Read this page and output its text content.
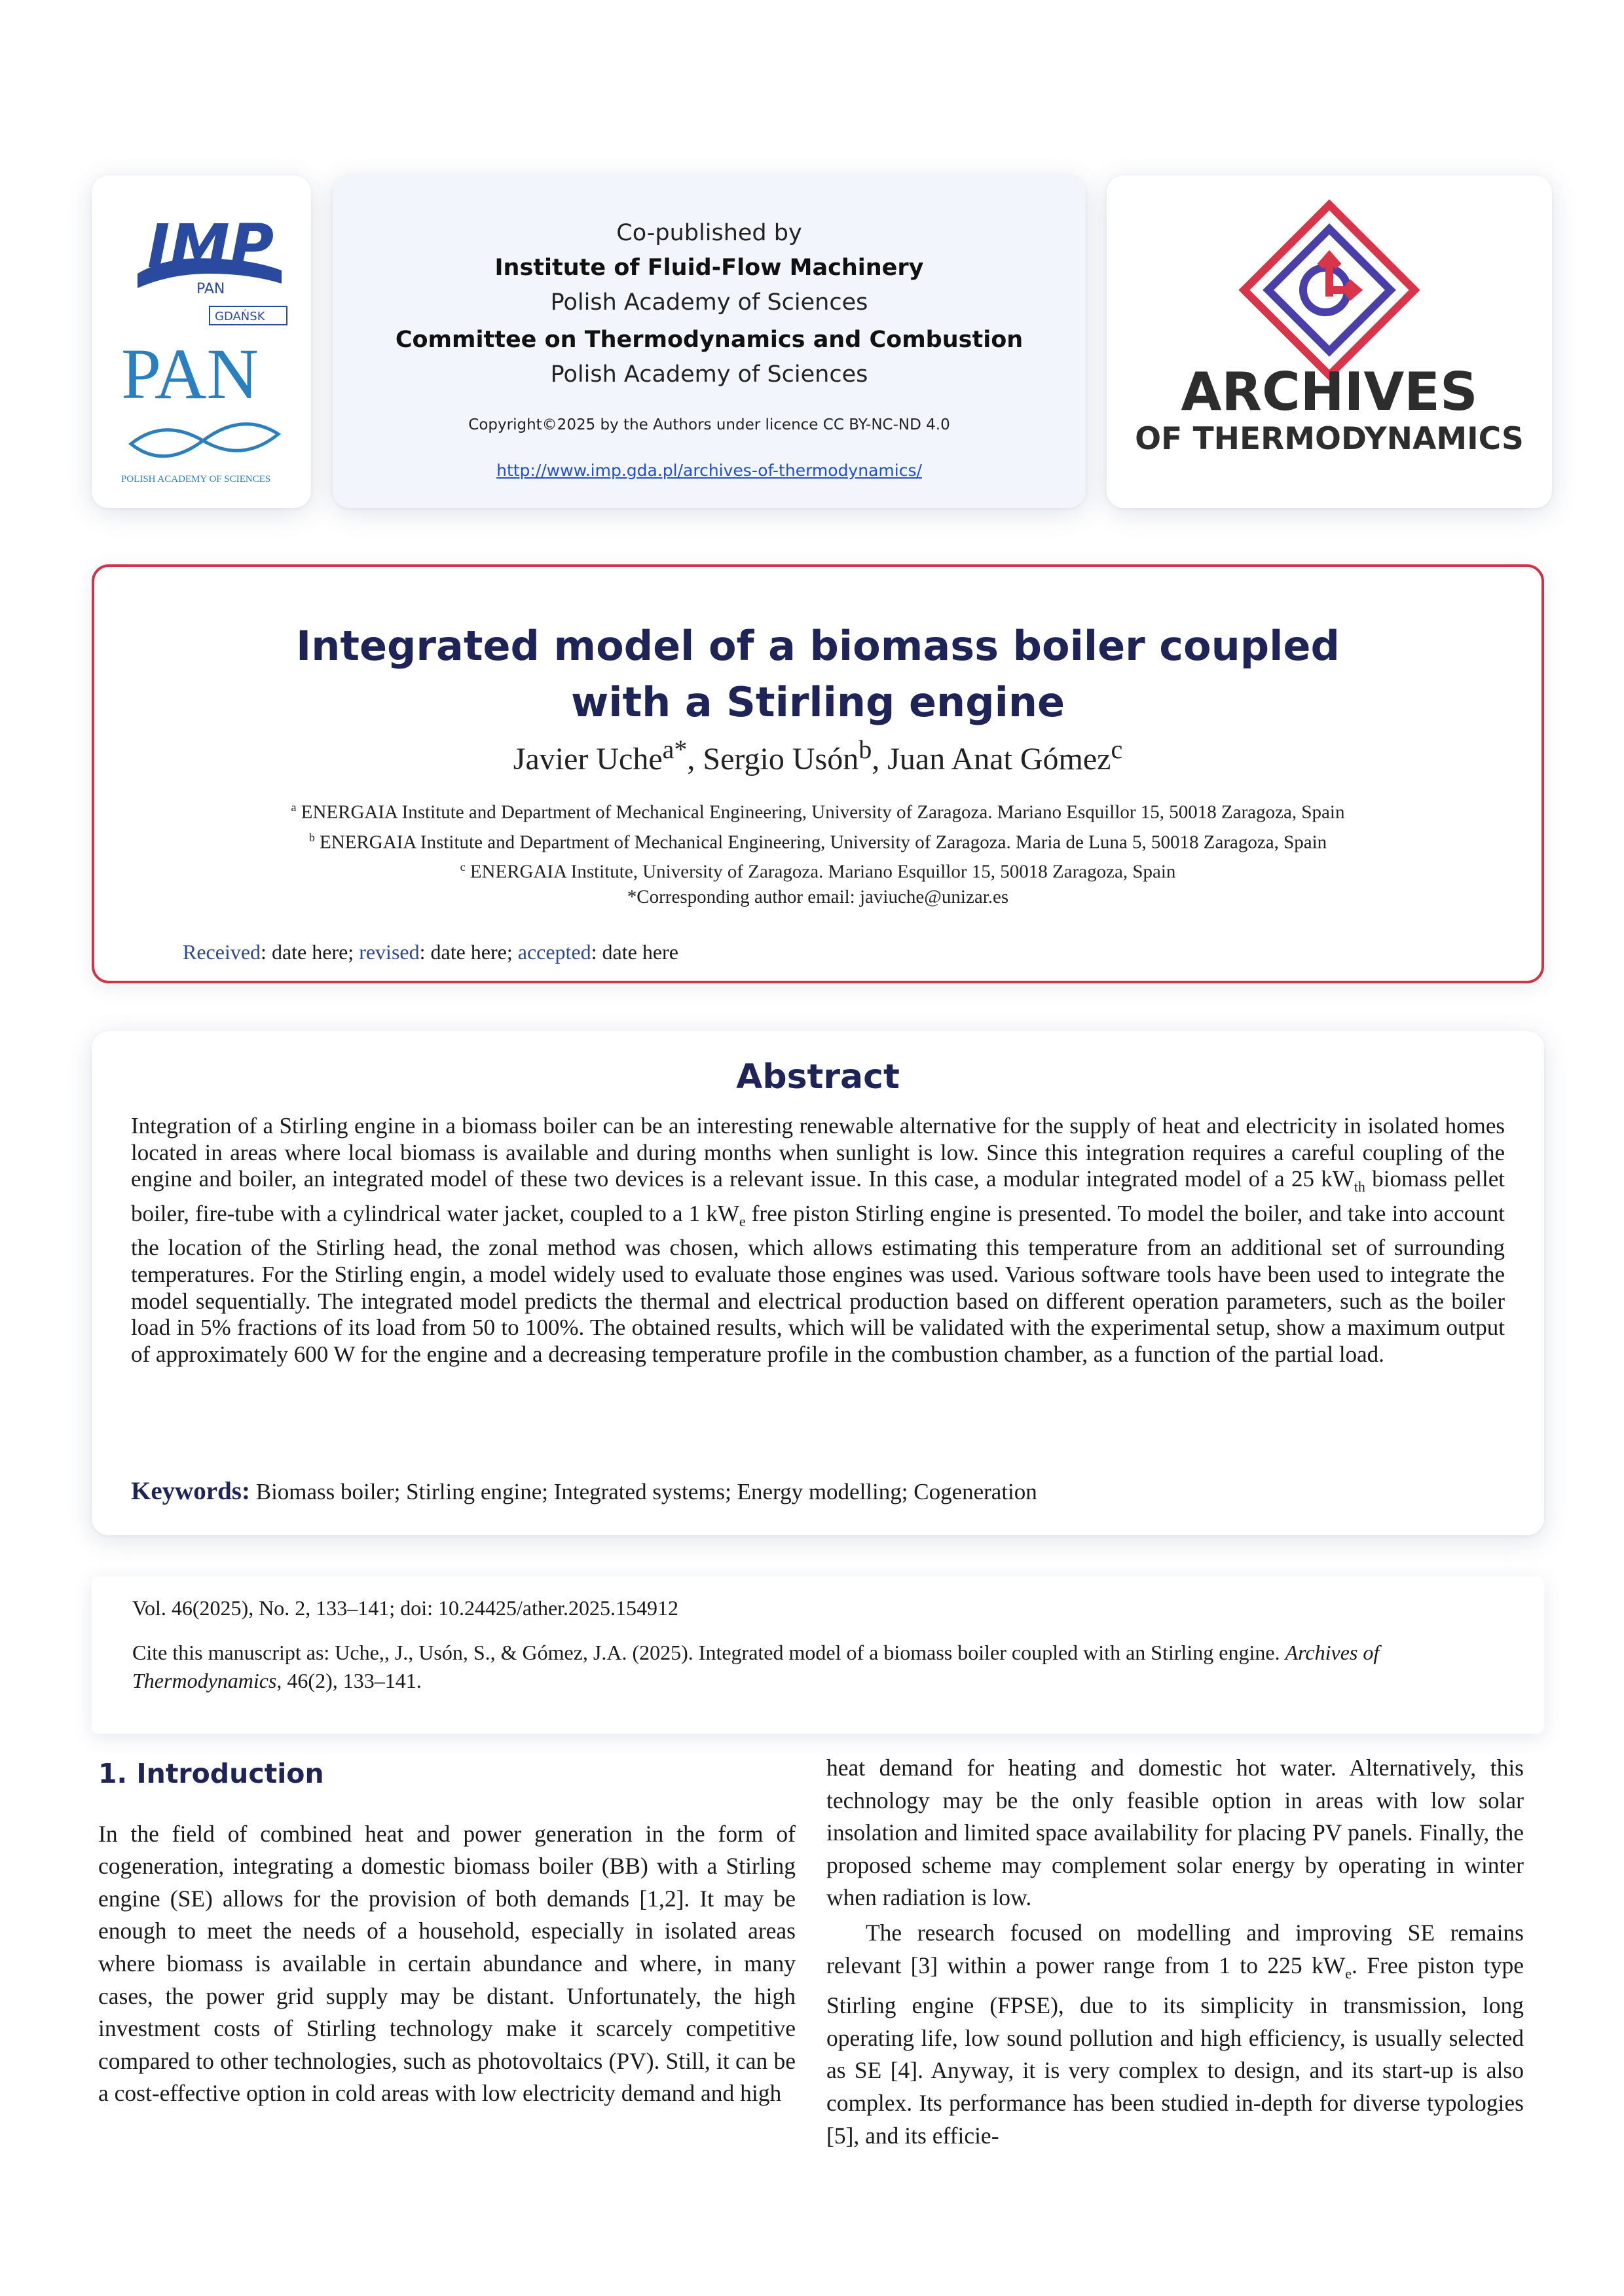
IMP
PAN
GDAŃSK
PAN
POLISH ACADEMY OF SCIENCES
Co-published by
Institute of Fluid-Flow Machinery
Polish Academy of Sciences
Committee on Thermodynamics and Combustion
Polish Academy of Sciences
Copyright©2025 by the Authors under licence CC BY-NC-ND 4.0
http://www.imp.gda.pl/archives-of-thermodynamics/
ARCHIVES
OF THERMODYNAMICS
Integrated model of a biomass boiler coupled
with a Stirling engine
Javier Uche$^{a*}$, Sergio Usón$^b$, Juan Anat Gómez$^c$
$^a$ ENERGAIA Institute and Department of Mechanical Engineering, University of Zaragoza. Mariano Esquillor 15, 50018 Zaragoza, Spain
$^b$ ENERGAIA Institute and Department of Mechanical Engineering, University of Zaragoza. Maria de Luna 5, 50018 Zaragoza, Spain
$^c$ ENERGAIA Institute, University of Zaragoza. Mariano Esquillor 15, 50018 Zaragoza, Spain
*Corresponding author email: javiuche@unizar.es
Received: date here; revised: date here; accepted: date here
Abstract
Integration of a Stirling engine in a biomass boiler can be an interesting renewable alternative for the supply of heat and electricity in isolated homes located in areas where local biomass is available and during months when sunlight is low. Since this integration requires a careful coupling of the engine and boiler, an integrated model of these two devices is a relevant issue. In this case, a modular integrated model of a 25 $kW_{th}$ biomass pellet boiler, fire-tube with a cylindrical water jacket, coupled to a 1 $kW_e$ free piston Stirling engine is presented. To model the boiler, and take into account the location of the Stirling head, the zonal method was chosen, which allows estimating this temperature from an additional set of surrounding temperatures. For the Stirling engin, a model widely used to evaluate those engines was used. Various software tools have been used to integrate the model sequentially. The integrated model predicts the thermal and electrical production based on different operation parameters, such as the boiler load in 5% fractions of its load from 50 to 100%. The obtained results, which will be validated with the experimental setup, show a maximum output of approximately 600 W for the engine and a decreasing temperature profile in the combustion chamber, as a function of the partial load.
Keywords: Biomass boiler; Stirling engine; Integrated systems; Energy modelling; Cogeneration
Vol. 46(2025), No. 2, 133–141; doi: 10.24425/ather.2025.154912
Cite this manuscript as: Uche,, J., Usón, S., & Gómez, J.A. (2025). Integrated model of a biomass boiler coupled with an Stirling engine. Archives of Thermodynamics, 46(2), 133–141.
1. Introduction

In the field of combined heat and power generation in the form of cogeneration, integrating a domestic biomass boiler (BB) with a Stirling engine (SE) allows for the provision of both demands [1,2]. It may be enough to meet the needs of a household, especially in isolated areas where biomass is available in certain abundance and where, in many cases, the power grid supply may be distant. Unfortunately, the high investment costs of Stirling technology make it scarcely competitive compared to other technologies, such as photovoltaics (PV). Still, it can be a cost-effective option in cold areas with low electricity demand and high

heat demand for heating and domestic hot water. Alternatively, this technology may be the only feasible option in areas with low solar insolation and limited space availability for placing PV panels. Finally, the proposed scheme may complement solar energy by operating in winter when radiation is low.

The research focused on modelling and improving SE remains relevant [3] within a power range from 1 to 225 $kW_e$. Free piston type Stirling engine (FPSE), due to its simplicity in transmission, long operating life, low sound pollution and high efficiency, is usually selected as SE [4]. Anyway, it is very complex to design, and its start-up is also complex. Its performance has been studied in-depth for diverse typologies [5], and its efficie-
